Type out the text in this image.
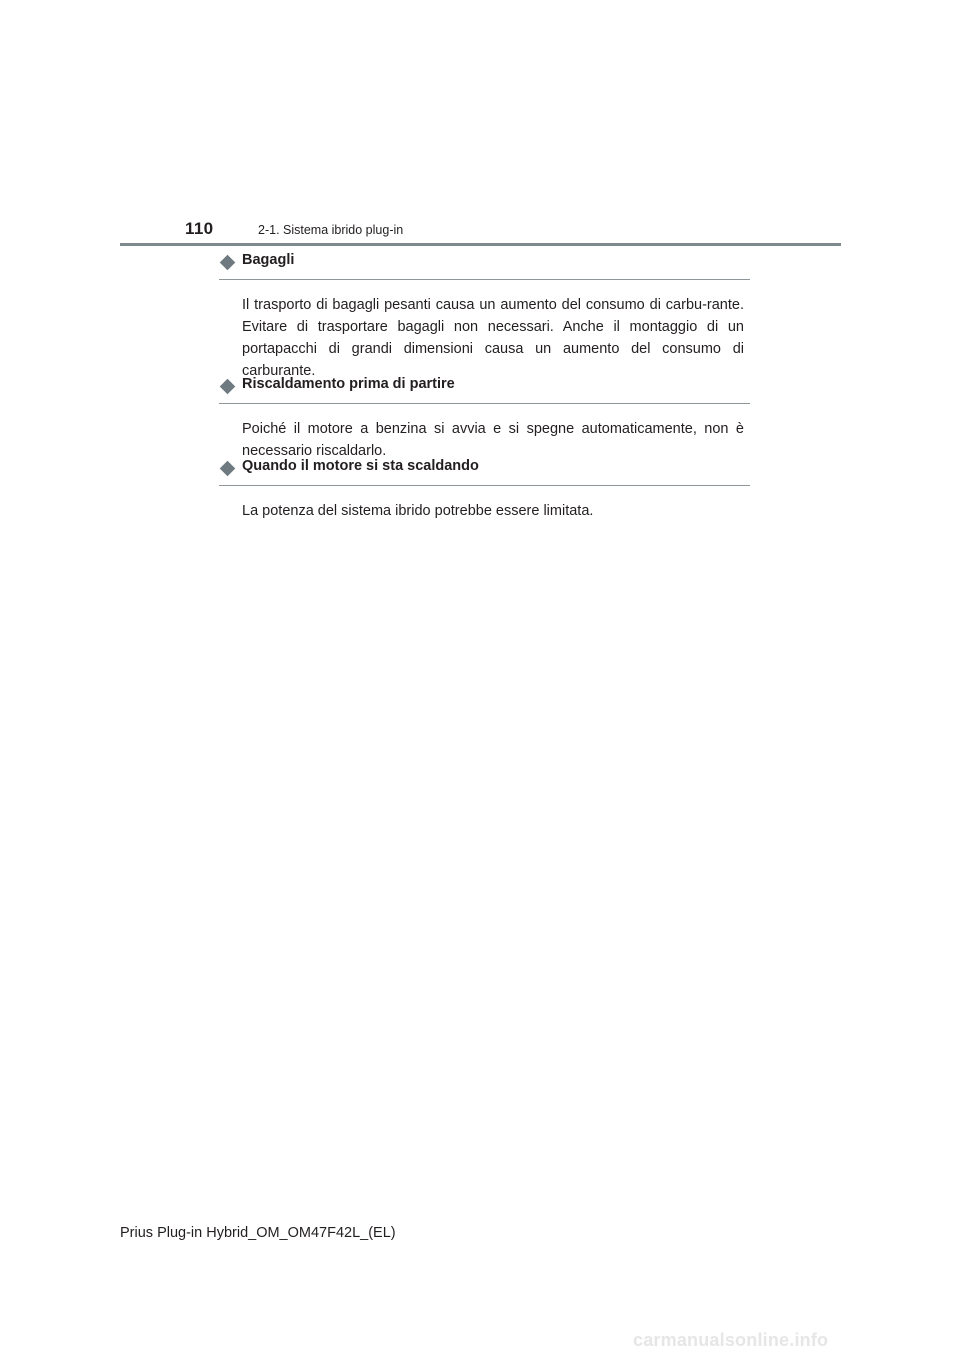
110	2-1. Sistema ibrido plug-in
Bagagli
Il trasporto di bagagli pesanti causa un aumento del consumo di carbu-rante. Evitare di trasportare bagagli non necessari. Anche il montaggio di un portapacchi di grandi dimensioni causa un aumento del consumo di carburante.
Riscaldamento prima di partire
Poiché il motore a benzina si avvia e si spegne automaticamente, non è necessario riscaldarlo.
Quando il motore si sta scaldando
La potenza del sistema ibrido potrebbe essere limitata.
Prius Plug-in Hybrid_OM_OM47F42L_(EL)
carmanualsonline.info
